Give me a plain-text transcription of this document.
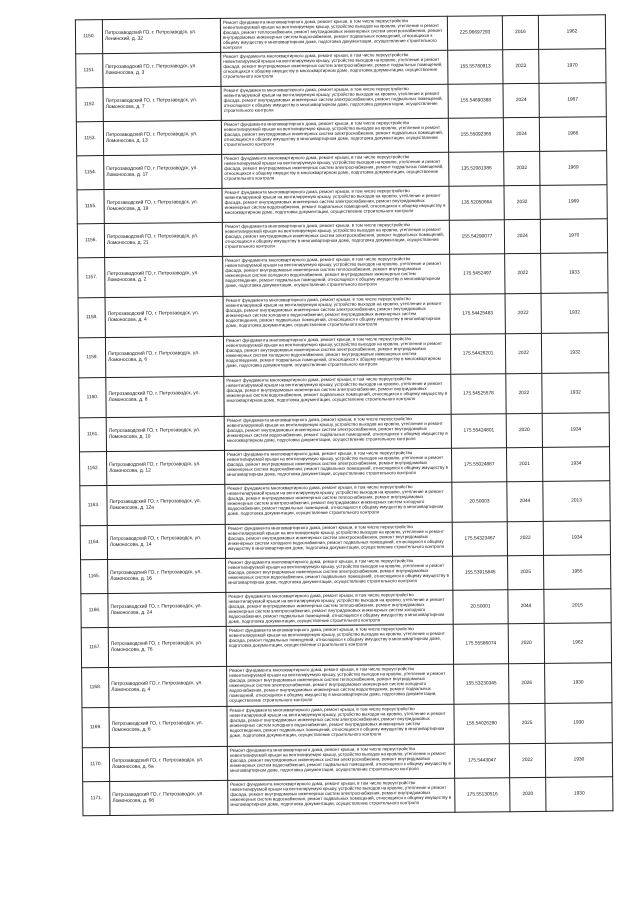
1150.	Петрозаводский ГО, г. Петрозаводск, ул. Ленинский, д. 32	Ремонт фундамента многоквартирного дома, ремонт крыши, в том числе переустройство невентилируемой крыши на вентилируемую крышу, устройство выходов на кровлю, утепление и ремонт фасада, ремонт теплоснабжения, ремонт внутридомовых инженерных систем электроснабжения, ремонт внутридомовых инженерных систем водоснабжения, ремонт подвальных помещений, относящихся к общему имуществу в многоквартирном доме, подготовка документации, осуществление строительного контроля	225.96697293	2016	1962
1151.	Петрозаводский ГО, г. Петрозаводск, ул. Ломоносова, д. 3	Ремонт фундамента многоквартирного дома, ремонт крыши, в том числе переустройство невентилируемой крыши на вентилируемую крышу, устройство выходов на кровлю, утепление и ремонт фасада, ремонт внутридомовых инженерных систем электроснабжения, ремонт подвальных помещений, относящихся к общему имуществу в многоквартирном доме, подготовка документации, осуществление строительного контроля	155.55780913	2023	1970
1152.	Петрозаводский ГО, г. Петрозаводск, ул. Ломоносова, д. 7	Ремонт фундамента многоквартирного дома, ремонт крыши, в том числе переустройство невентилируемой крыши на вентилируемую крышу, устройство выходов на кровлю, утепление и ремонт фасада, ремонт внутридомовых инженерных систем электроснабжения, ремонт подвальных помещений, относящихся к общему имуществу в многоквартирном доме, подготовка документации, осуществление строительного контроля	155.54690388	2024	1967
1153.	Петрозаводский ГО, г. Петрозаводск, ул. Ломоносова, д. 13	Ремонт фундамента многоквартирного дома, ремонт крыши, в том числе переустройство невентилируемой крыши на вентилируемую крышу, устройство выходов на кровлю, утепление и ремонт фасада, ремонт внутридомовых инженерных систем электроснабжения, ремонт подвальных помещений, относящихся к общему имуществу в многоквартирном доме, подготовка документации, осуществление строительного контроля	155.55092365	2024	1966
1154.	Петрозаводский ГО, г. Петрозаводск, ул. Ломоносова, д. 17	Ремонт фундамента многоквартирного дома, ремонт крыши, в том числе переустройство невентилируемой крыши на вентилируемую крышу, устройство выходов на кровлю, утепление и ремонт фасада, ремонт внутридомовых инженерных систем электроснабжения, ремонт подвальных помещений, относящихся к общему имуществу в многоквартирном доме, подготовка документации, осуществление строительного контроля	135.52081386	2032	1969
1155.	Петрозаводский ГО, г. Петрозаводск, ул. Ломоносова, д. 19	Ремонт фундамента многоквартирного дома, ремонт крыши, в том числе переустройство невентилируемой крыши на вентилируемую крышу, устройство выходов на кровлю, утепление и ремонт фасада, ремонт внутридомовых инженерных систем электроснабжения, ремонт внутридомовых инженерных систем водоснабжения, ремонт подвальных помещений, относящихся к общему имуществу в многоквартирном доме, подготовка документации, осуществление строительного контроля	135.52050664	2032	1969
1156.	Петрозаводский ГО, г. Петрозаводск, ул. Ломоносова, д. 21	Ремонт фундамента многоквартирного дома, ремонт крыши, в том числе переустройство невентилируемой крыши на вентилируемую крышу, устройство выходов на кровлю, утепление и ремонт фасада, ремонт внутридомовых инженерных систем электроснабжения, ремонт подвальных помещений, относящихся к общему имуществу в многоквартирном доме, подготовка документации, осуществление строительного контроля	155.54290077	2024	1970
1157.	Петрозаводский ГО, г. Петрозаводск, ул. Ломоносова, д. 2	Ремонт фундамента многоквартирного дома, ремонт крыши, в том числе переустройство невентилируемой крыши на вентилируемую крышу, устройство выходов на кровлю, утепление и ремонт фасада, ремонт внутридомовых инженерных систем теплоснабжения, ремонт внутридомовых инженерных систем холодного водоснабжения, ремонт внутридомовых инженерных систем водоотведения, ремонт подвальных помещений, относящихся к общему имуществу в многоквартирном доме, подготовка документации, осуществление строительного контроля	175.5452497	2022	1933
1158.	Петрозаводский ГО, г. Петрозаводск, ул. Ломоносова, д. 4	Ремонт фундамента многоквартирного дома, ремонт крыши, в том числе переустройство невентилируемой крыши на вентилируемую крышу, устройство выходов на кровлю, утепление и ремонт фасада, ремонт внутридомовых инженерных систем электроснабжения, ремонт внутридомовых инженерных систем холодного водоснабжения, ремонт внутридомовых инженерных систем водоотведения, ремонт подвальных помещений, относящихся к общему имуществу в многоквартирном доме, подготовка документации, осуществление строительного контроля	175.54425483	2022	1932
1159.	Петрозаводский ГО, г. Петрозаводск, ул. Ломоносова, д. 6	Ремонт фундамента многоквартирного дома, ремонт крыши, в том числе переустройство невентилируемой крыши на вентилируемую крышу, устройство выходов на кровлю, утепление и ремонт фасада, ремонт внутридомовых инженерных систем электроснабжения, ремонт внутридомовых инженерных систем холодного водоснабжения, ремонт внутридомовых инженерных систем водоотведения, ремонт подвальных помещений, относящихся к общему имуществу в многоквартирном доме, подготовка документации, осуществление строительного контроля	175.54426201	2022	1932
1160.	Петрозаводский ГО, г. Петрозаводск, ул. Ломоносова, д. 8	Ремонт фундамента многоквартирного дома, ремонт крыши, в том числе переустройство невентилируемой крыши на вентилируемую крышу, устройство выходов на кровлю, утепление и ремонт фасада, ремонт внутридомовых инженерных систем электроснабжения, ремонт внутридомовых инженерных систем водоснабжения, ремонт подвальных помещений, относящихся к общему имуществу в многоквартирном доме, подготовка документации, осуществление строительного контроля	175.54525578	2022	1932
1161.	Петрозаводский ГО, г. Петрозаводск, ул. Ломоносова, д. 10	Ремонт фундамента многоквартирного дома, ремонт крыши, в том числе переустройство невентилируемой крыши на вентилируемую крышу, устройство выходов на кровлю, утепление и ремонт фасада, ремонт внутридомовых инженерных систем электроснабжения, ремонт внутридомовых инженерных систем водоснабжения, ремонт подвальных помещений, относящихся к общему имуществу в многоквартирном доме, подготовка документации, осуществление строительного контроля	175.55424801	2020	1934
1162.	Петрозаводский ГО, г. Петрозаводск, ул. Ломоносова, д. 12	Ремонт фундамента многоквартирного дома, ремонт крыши, в том числе переустройство невентилируемой крыши на вентилируемую крышу, устройство выходов на кровлю, утепление и ремонт фасада, ремонт внутридомовых инженерных систем электроснабжения, ремонт внутридомовых инженерных систем водоснабжения, ремонт подвальных помещений, относящихся к общему имуществу в многоквартирном доме, подготовка документации, осуществление строительного контроля	175.55024887	2021	1934
1163.	Петрозаводский ГО, г. Петрозаводск, ул. Ломоносова, д. 12а	Ремонт фундамента многоквартирного дома, ремонт крыши, в том числе переустройство невентилируемой крыши на вентилируемую крышу, устройство выходов на кровлю, утепление и ремонт фасада, ремонт внутридомовых инженерных систем теплоснабжения, ремонт внутридомовых инженерных систем электроснабжения, ремонт внутридомовых инженерных систем холодного водоснабжения, ремонт подвальных помещений, относящихся к общему имуществу в многоквартирном доме, подготовка документации, осуществление строительного контроля	20.50003	2044	2013
1164.	Петрозаводский ГО, г. Петрозаводск, ул. Ломоносова, д. 14	Ремонт фундамента многоквартирного дома, ремонт крыши, в том числе переустройство невентилируемой крыши на вентилируемую крышу, устройство выходов на кровлю, утепление и ремонт фасада, ремонт внутридомовых инженерных систем электроснабжения, ремонт внутридомовых инженерных систем холодного водоснабжения, ремонт подвальных помещений, относящихся к общему имуществу в многоквартирном доме, подготовка документации, осуществление строительного контроля	175.54323467	2022	1934
1165.	Петрозаводский ГО, г. Петрозаводск, ул. Ломоносова, д. 16	Ремонт фундамента многоквартирного дома, ремонт крыши, в том числе переустройство невентилируемой крыши на вентилируемую крышу, устройство выходов на кровлю, утепление и ремонт фасада, ремонт внутридомовых инженерных систем электроснабжения, ремонт внутридомовых инженерных систем водоснабжения, ремонт подвальных помещений, относящихся к общему имуществу в многоквартирном доме, подготовка документации, осуществление строительного контроля	155.53915845	2025	1955
1166.	Петрозаводский ГО, г. Петрозаводск, ул. Ломоносова, д. 24	Ремонт фундамента многоквартирного дома, ремонт крыши, в том числе переустройство невентилируемой крыши на вентилируемую крышу, устройство выходов на кровлю, утепление и ремонт фасада, ремонт внутридомовых инженерных систем теплоснабжения, ремонт внутридомовых инженерных систем электроснабжения, ремонт внутридомовых инженерных систем холодного водоснабжения, ремонт подвальных помещений, относящихся к общему имуществу в многоквартирном доме, подготовка документации, осуществление строительного контроля	20.50001	2044	2015
1167.	Петрозаводский ГО, г. Петрозаводск, ул. Ломоносова, д. 76	Ремонт фундамента многоквартирного дома, ремонт крыши, в том числе переустройство невентилируемой крыши на вентилируемую крышу, устройство выходов на кровлю, утепление и ремонт фасада, ремонт подвальных помещений, относящихся к общему имуществу в многоквартирном доме, подготовка документации, осуществление строительного контроля	175.55586074	2020	1962
1168.	Петрозаводский ГО, г. Петрозаводск, ул. Ломоносова, д. 4	Ремонт фундамента многоквартирного дома, ремонт крыши, в том числе переустройство невентилируемой крыши на вентилируемую крышу, устройство выходов на кровлю, утепление и ремонт фасада, ремонт внутридомовых инженерных систем теплоснабжения, ремонт внутридомовых инженерных систем электроснабжения, ремонт внутридомовых инженерных систем холодного водоснабжения, ремонт внутридомовых инженерных систем водоотведения, ремонт подвальных помещений, относящихся к общему имуществу в многоквартирном доме, подготовка документации, осуществление строительного контроля	155.53230345	2026	1930
1169.	Петрозаводский ГО, г. Петрозаводск, ул. Ломоносова, д. 6	Ремонт фундамента многоквартирного дома, ремонт крыши, в том числе переустройство невентилируемой крыши на вентилируемую крышу, устройство выходов на кровлю, утепление и ремонт фасада, ремонт внутридомовых инженерных систем электроснабжения, ремонт внутридомовых инженерных систем холодного водоснабжения, ремонт внутридомовых инженерных систем водоотведения, ремонт подвальных помещений, относящихся к общему имуществу в многоквартирном доме, подготовка документации, осуществление строительного контроля	155.54026280	2025	1930
1170.	Петрозаводский ГО, г. Петрозаводск, ул. Ломоносова, д. 6а	Ремонт фундамента многоквартирного дома, ремонт крыши, в том числе переустройство невентилируемой крыши на вентилируемую крышу, устройство выходов на кровлю, утепление и ремонт фасада, ремонт внутридомовых инженерных систем электроснабжения, ремонт внутридомовых инженерных систем водоснабжения, ремонт подвальных помещений, относящихся к общему имуществу в многоквартирном доме, подготовка документации, осуществление строительного контроля	175.5443047	2022	1930
1171.	Петрозаводский ГО, г. Петрозаводск, ул. Ломоносова, д. 6б	Ремонт фундамента многоквартирного дома, ремонт крыши, в том числе переустройство невентилируемой крыши на вентилируемую крышу, устройство выходов на кровлю, утепление и ремонт фасада, ремонт внутридомовых инженерных систем электроснабжения, ремонт внутридомовых инженерных систем водоснабжения, ремонт подвальных помещений, относящихся к общему имуществу в многоквартирном доме, подготовка документации, осуществление строительного контроля	175.55130516	2020	1930
